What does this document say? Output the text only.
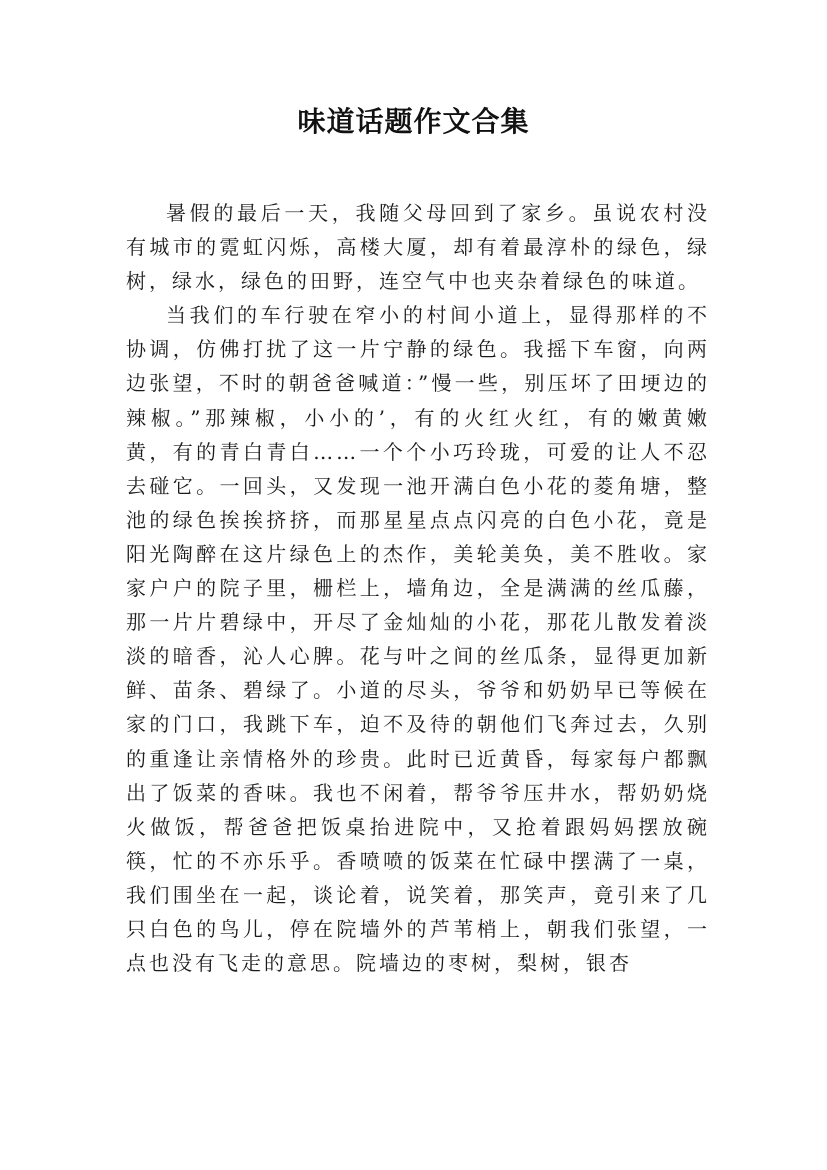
味道话题作文合集

暑假的最后一天，我随父母回到了家乡。虽说农村没有城市的霓虹闪烁，高楼大厦，却有着最淳朴的绿色，绿树，绿水，绿色的田野，连空气中也夹杂着绿色的味道。

当我们的车行驶在窄小的村间小道上，显得那样的不协调，仿佛打扰了这一片宁静的绿色。我摇下车窗，向两边张望，不时的朝爸爸喊道：”慢一些，别压坏了田埂边的辣椒。”那辣椒，小小的’，有的火红火红，有的嫩黄嫩黄，有的青白青白……一个个小巧玲珑，可爱的让人不忍去碰它。一回头，又发现一池开满白色小花的菱角塘，整池的绿色挨挨挤挤，而那星星点点闪亮的白色小花，竟是阳光陶醉在这片绿色上的杰作，美轮美奂，美不胜收。家家户户的院子里，栅栏上，墙角边，全是满满的丝瓜藤，那一片片碧绿中，开尽了金灿灿的小花，那花儿散发着淡淡的暗香，沁人心脾。花与叶之间的丝瓜条，显得更加新鲜、苗条、碧绿了。小道的尽头，爷爷和奶奶早已等候在家的门口，我跳下车，迫不及待的朝他们飞奔过去，久别的重逢让亲情格外的珍贵。此时已近黄昏，每家每户都飘出了饭菜的香味。我也不闲着，帮爷爷压井水，帮奶奶烧火做饭，帮爸爸把饭桌抬进院中，又抢着跟妈妈摆放碗筷，忙的不亦乐乎。香喷喷的饭菜在忙碌中摆满了一桌，我们围坐在一起，谈论着，说笑着，那笑声，竟引来了几只白色的鸟儿，停在院墙外的芦苇梢上，朝我们张望，一点也没有飞走的意思。院墙边的枣树，梨树，银杏
